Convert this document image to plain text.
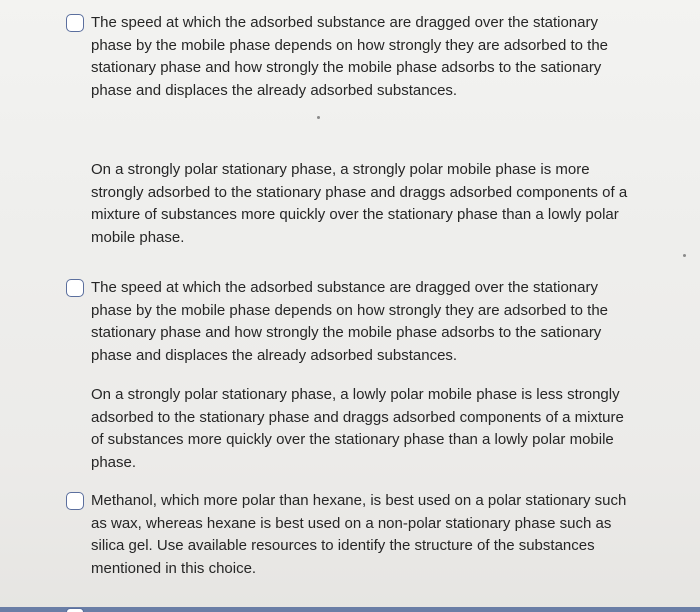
The speed at which the adsorbed substance are dragged over the stationary
phase by the mobile phase depends on how strongly they are adsorbed to the
stationary phase and how strongly the mobile phase adsorbs to the sationary
phase and displaces the already adsorbed substances.

On a strongly polar stationary phase, a strongly polar mobile phase is more
strongly adsorbed to the stationary phase and draggs adsorbed components of a
mixture of substances more quickly over the stationary phase than a lowly polar
mobile phase.

The speed at which the adsorbed substance are dragged over the stationary
phase by the mobile phase depends on how strongly they are adsorbed to the
stationary phase and how strongly the mobile phase adsorbs to the sationary
phase and displaces the already adsorbed substances.

On a strongly polar stationary phase, a lowly polar mobile phase is less strongly
adsorbed to the stationary phase and draggs adsorbed components of a mixture
of substances more quickly over the stationary phase than a lowly polar mobile
phase.

Methanol, which more polar than hexane, is best used on a polar stationary such
as wax, whereas hexane is best used on a non-polar stationary phase such as
silica gel. Use available resources to identify the structure of the substances
mentioned in this choice.
